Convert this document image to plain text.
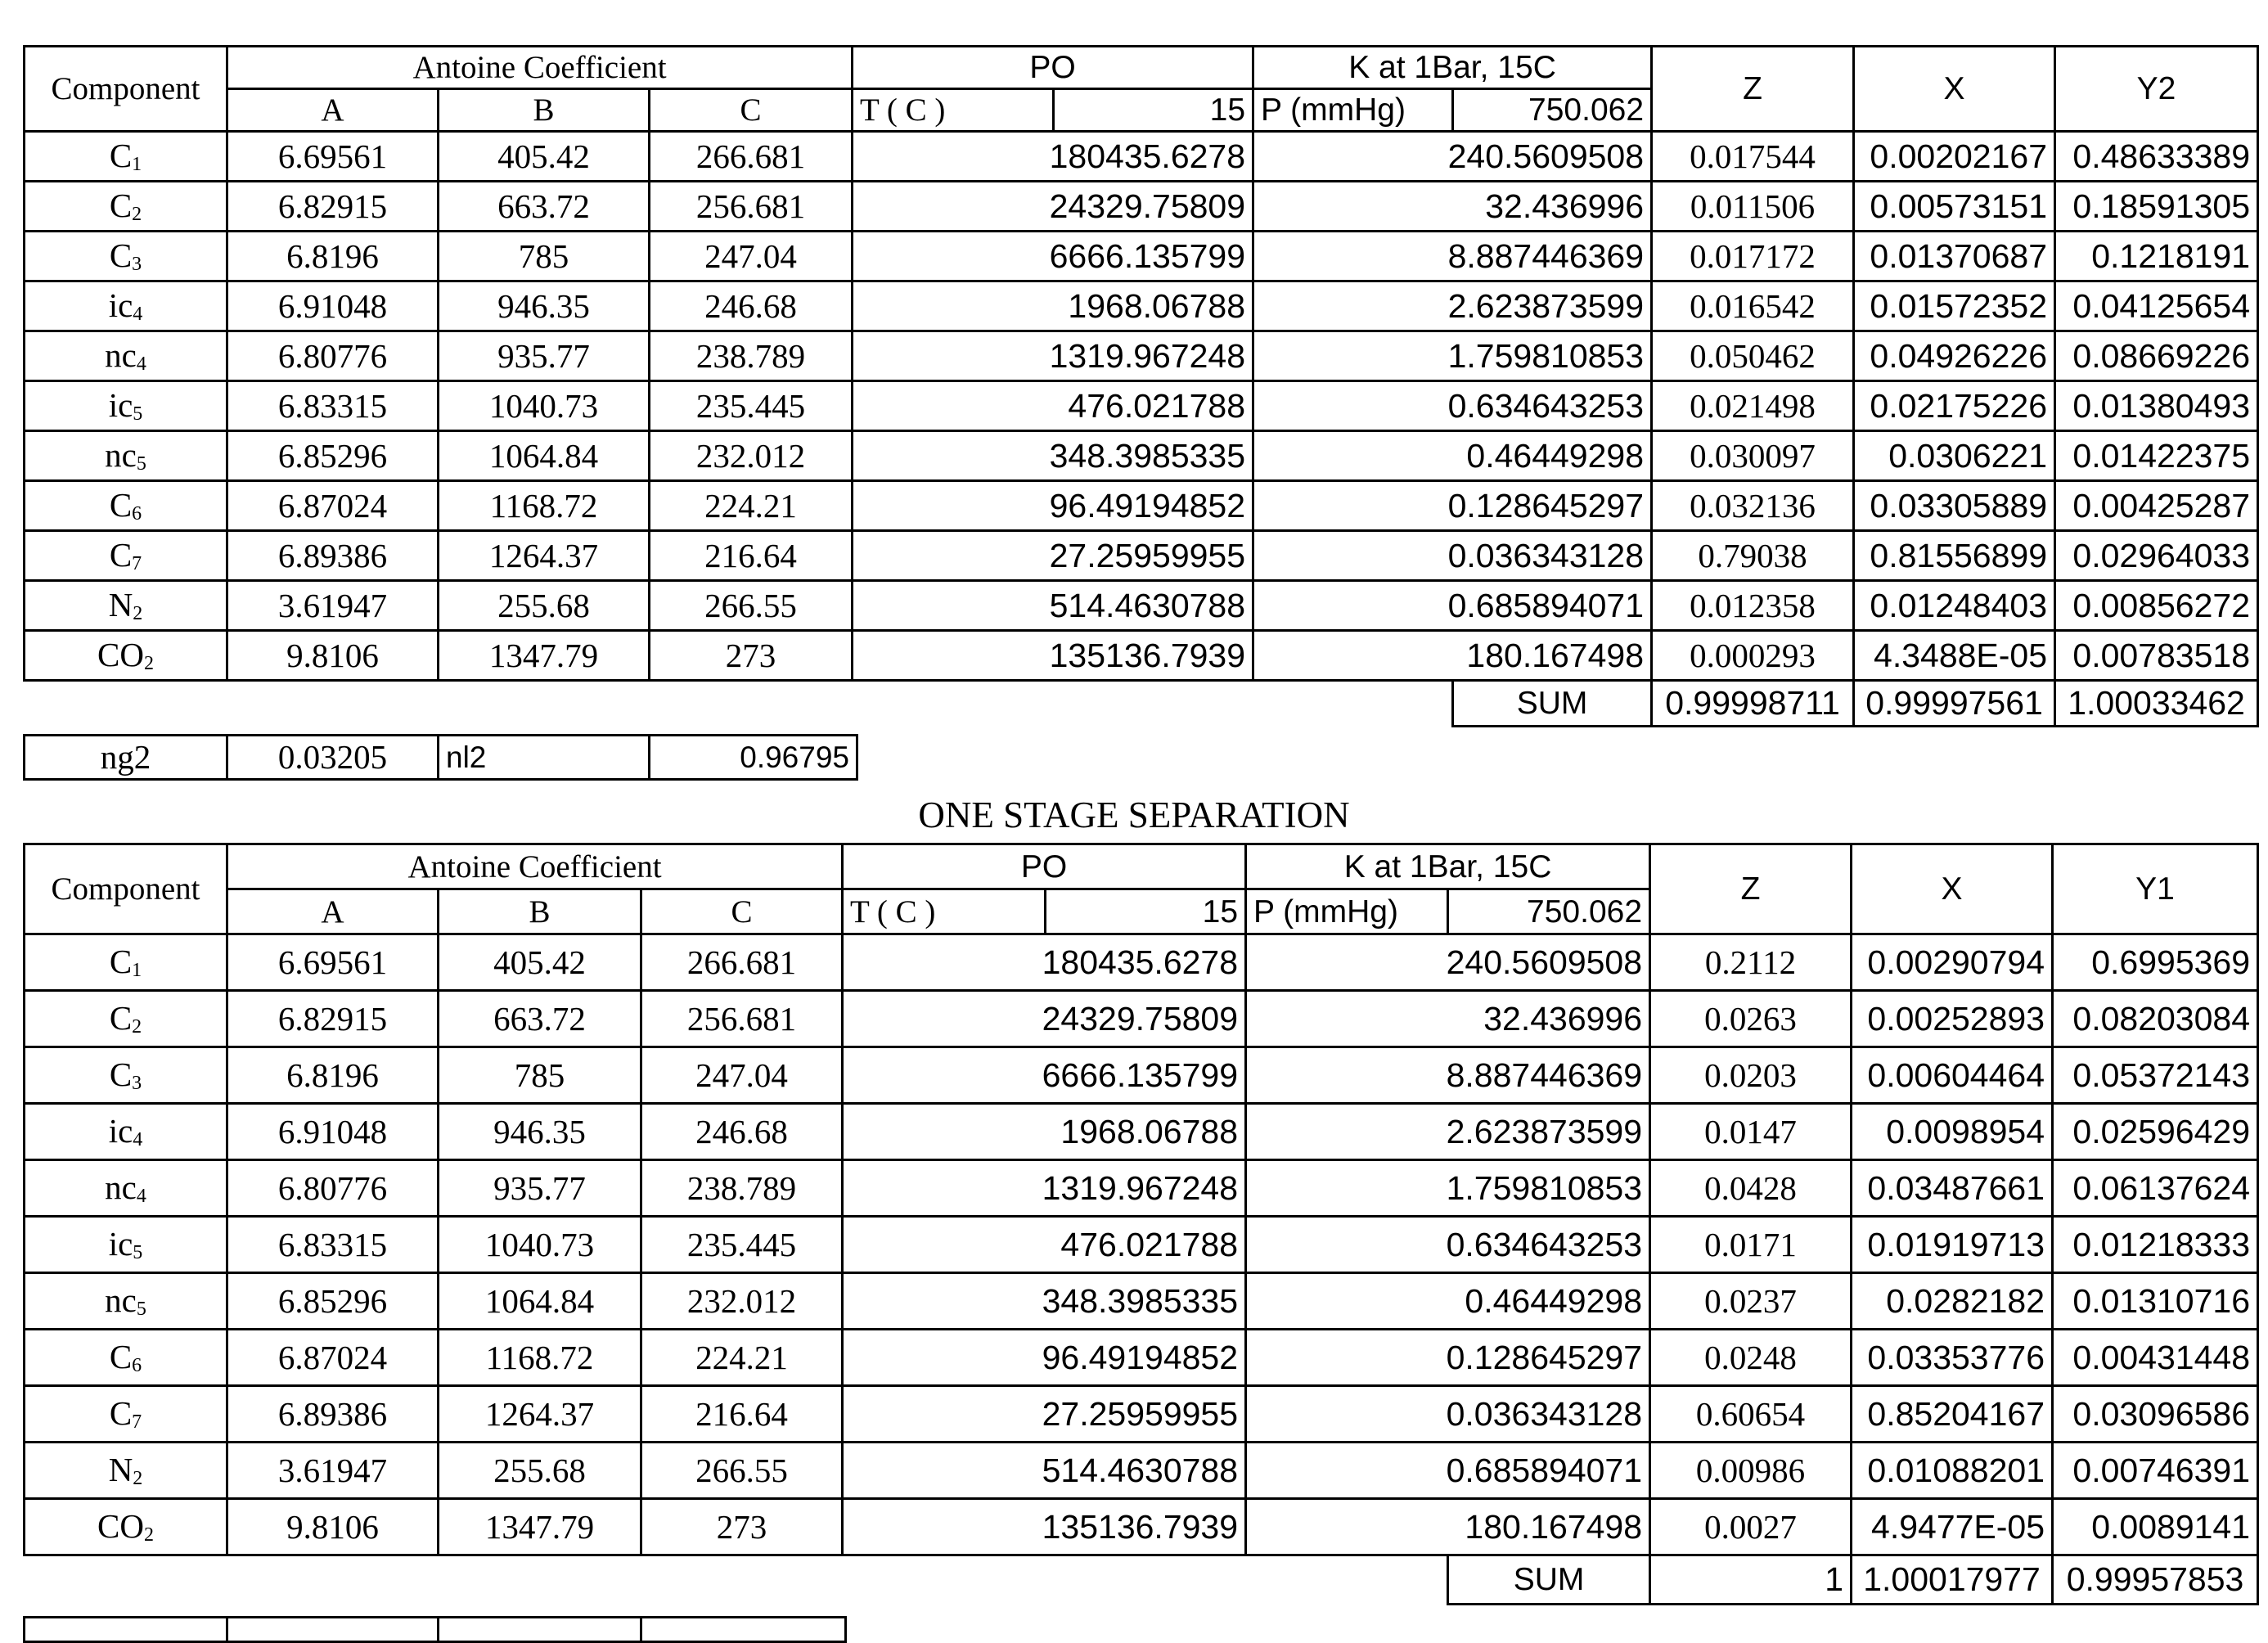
Component	Antoine Coefficient			PO		K at 1Bar, 15C		Z	X	Y2
	A	B	C	T ( C )	15	P (mmHg)	750.062			
$C_1$	6.69561	405.42	266.681	180435.6278		240.5609508		0.017544	0.00202167	0.48633389
$C_2$	6.82915	663.72	256.681	24329.75809		32.436996		0.011506	0.00573151	0.18591305
$C_3$	6.8196	785	247.04	6666.135799		8.887446369		0.017172	0.01370687	0.1218191
$ic_4$	6.91048	946.35	246.68	1968.06788		2.623873599		0.016542	0.01572352	0.04125654
$nc_4$	6.80776	935.77	238.789	1319.967248		1.759810853		0.050462	0.04926226	0.08669226
$ic_5$	6.83315	1040.73	235.445	476.021788		0.634643253		0.021498	0.02175226	0.01380493
$nc_5$	6.85296	1064.84	232.012	348.3985335		0.46449298		0.030097	0.0306221	0.01422375
$C_6$	6.87024	1168.72	224.21	96.49194852		0.128645297		0.032136	0.03305889	0.00425287
$C_7$	6.89386	1264.37	216.64	27.25959955		0.036343128		0.79038	0.81556899	0.02964033
$N_2$	3.61947	255.68	266.55	514.4630788		0.685894071		0.012358	0.01248403	0.00856272
$CO_2$	9.8106	1347.79	273	135136.7939		180.167498		0.000293	4.3488E-05	0.00783518
							SUM	0.99998711	0.99997561	1.00033462
ng2	0.03205	nl2	0.96795
ONE STAGE SEPARATION
Component	Antoine Coefficient			PO		K at 1Bar, 15C		Z	X	Y1
	A	B	C	T ( C )	15	P (mmHg)	750.062			
$C_1$	6.69561	405.42	266.681	180435.6278		240.5609508		0.2112	0.00290794	0.6995369
$C_2$	6.82915	663.72	256.681	24329.75809		32.436996		0.0263	0.00252893	0.08203084
$C_3$	6.8196	785	247.04	6666.135799		8.887446369		0.0203	0.00604464	0.05372143
$ic_4$	6.91048	946.35	246.68	1968.06788		2.623873599		0.0147	0.0098954	0.02596429
$nc_4$	6.80776	935.77	238.789	1319.967248		1.759810853		0.0428	0.03487661	0.06137624
$ic_5$	6.83315	1040.73	235.445	476.021788		0.634643253		0.0171	0.01919713	0.01218333
$nc_5$	6.85296	1064.84	232.012	348.3985335		0.46449298		0.0237	0.0282182	0.01310716
$C_6$	6.87024	1168.72	224.21	96.49194852		0.128645297		0.0248	0.03353776	0.00431448
$C_7$	6.89386	1264.37	216.64	27.25959955		0.036343128		0.60654	0.85204167	0.03096586
$N_2$	3.61947	255.68	266.55	514.4630788		0.685894071		0.00986	0.01088201	0.00746391
$CO_2$	9.8106	1347.79	273	135136.7939		180.167498		0.0027	4.9477E-05	0.0089141
							SUM	1	1.00017977	0.99957853
